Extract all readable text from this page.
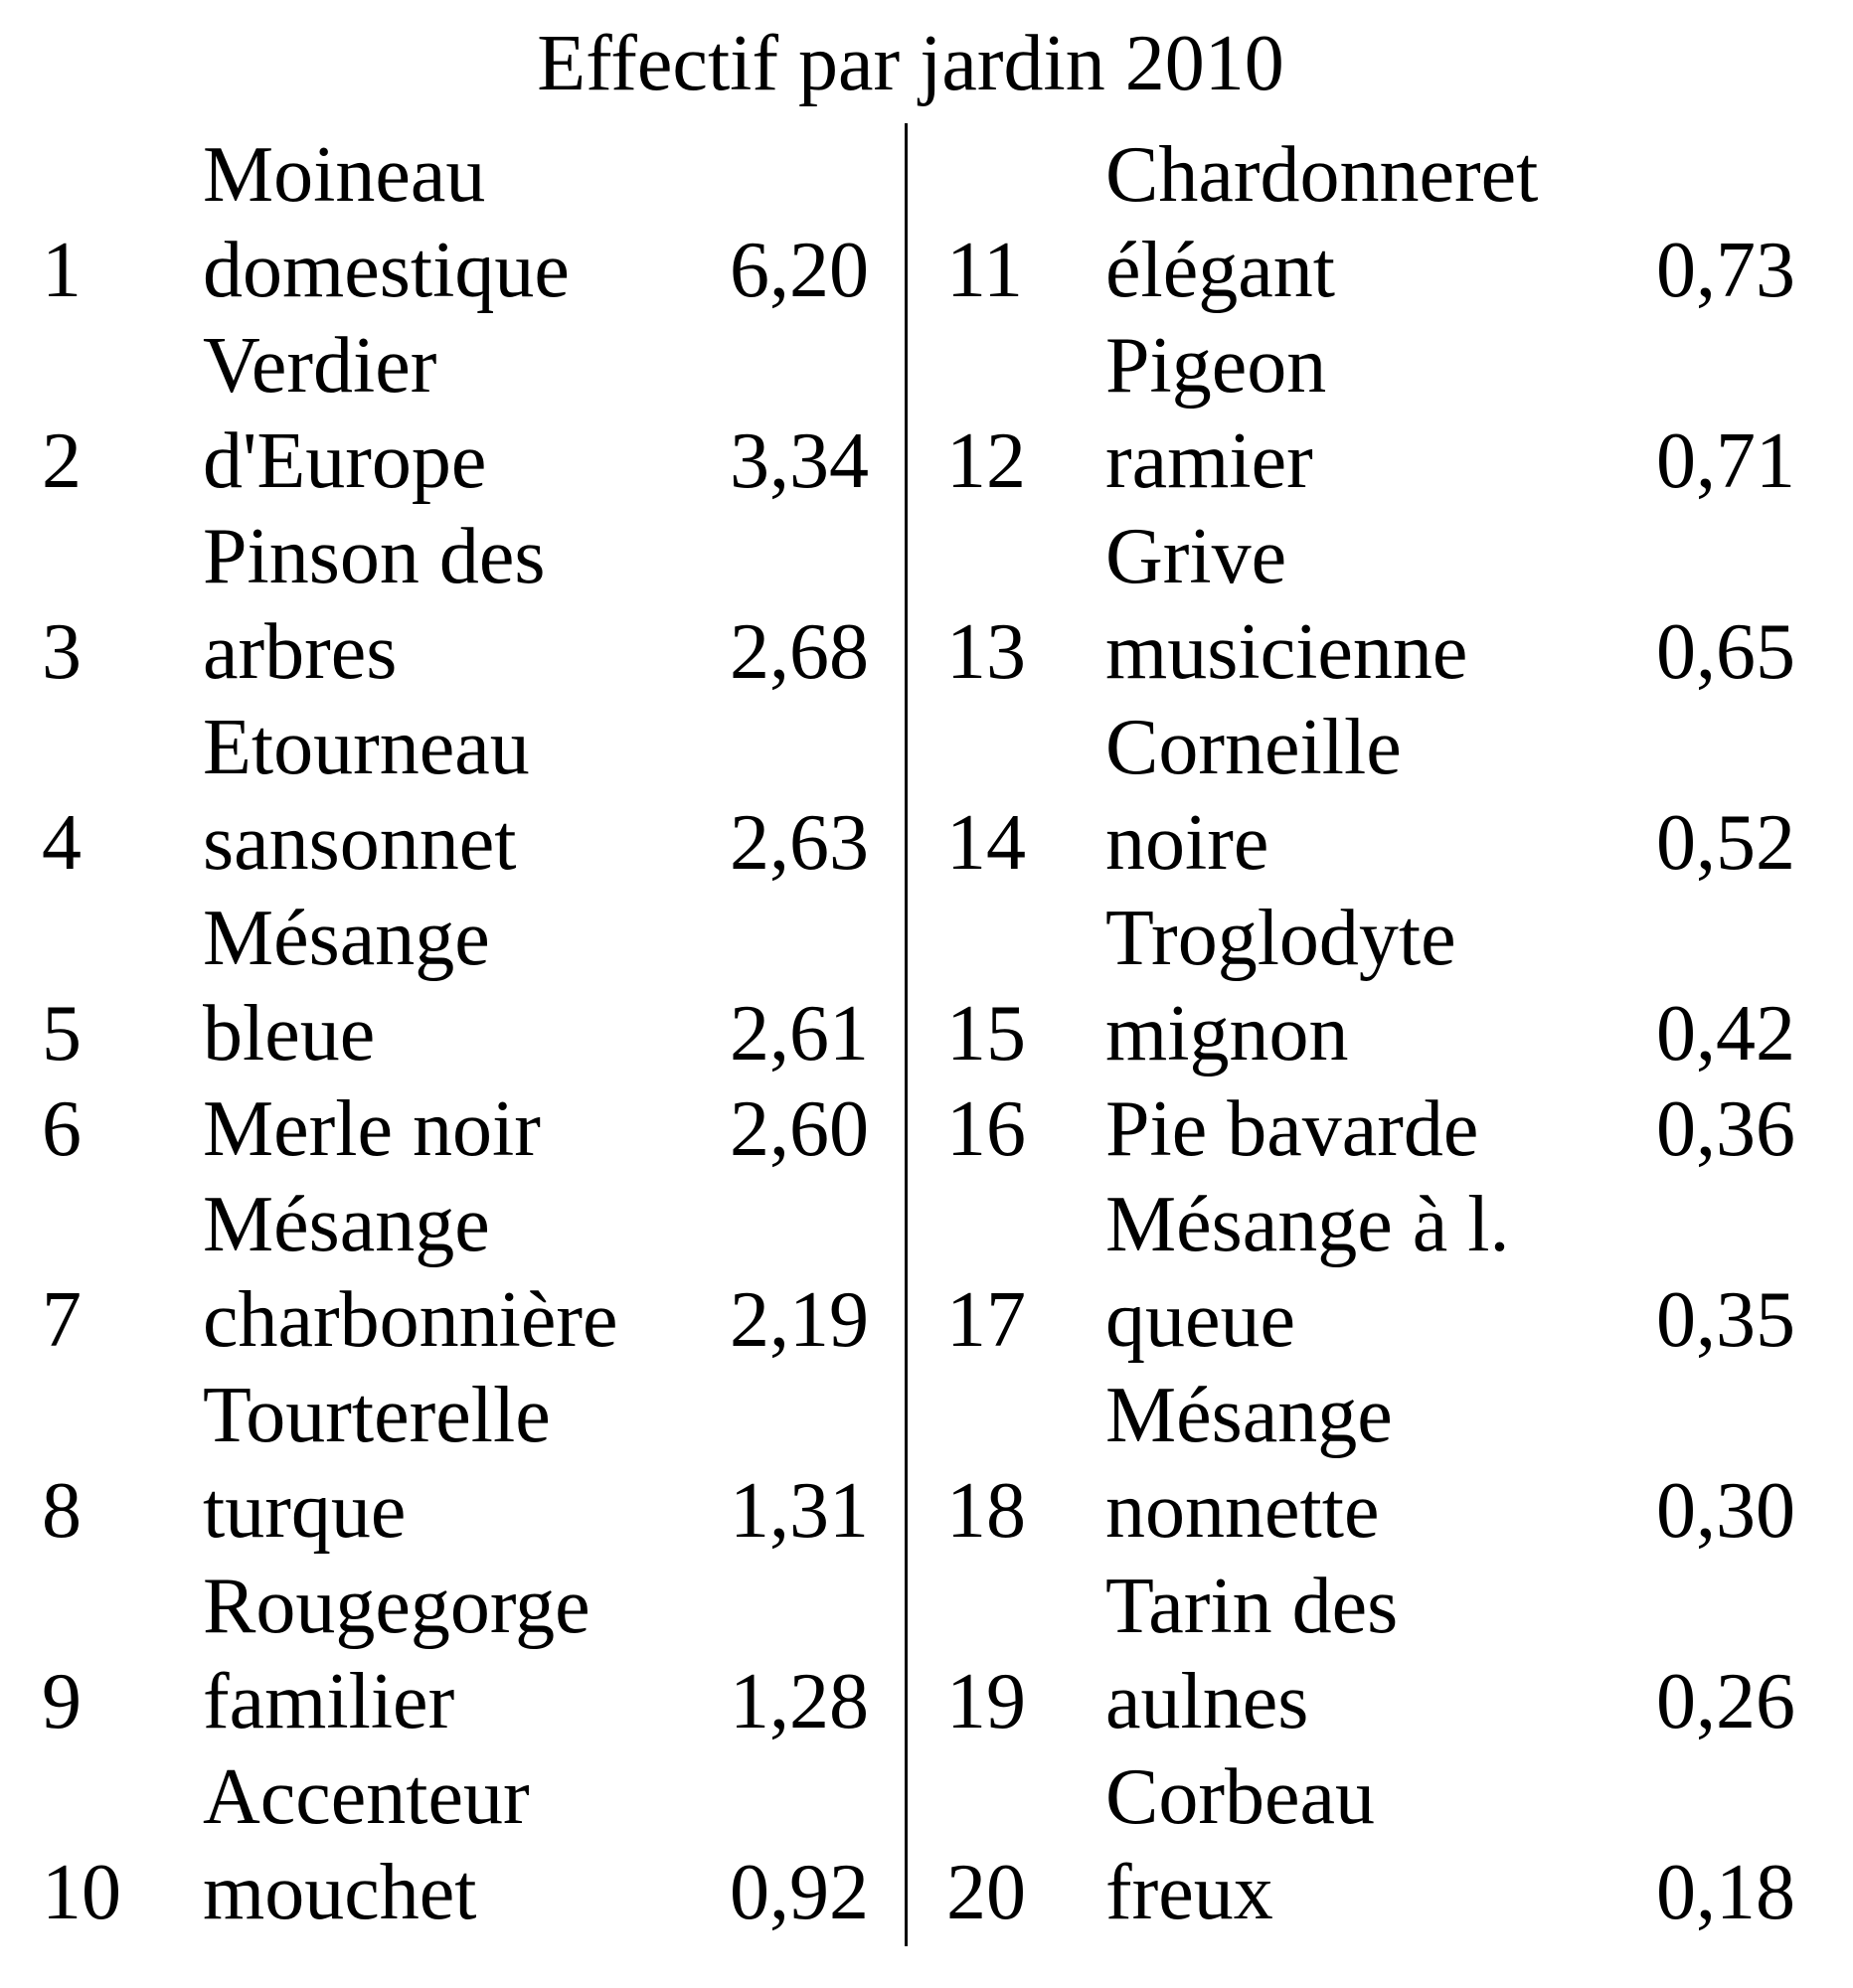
Effectif par jardin 2010
1
Moineau
domestique	6,20
2
Verdier
d'Europe	3,34
3
Pinson des
arbres	2,68
4
Etourneau
sansonnet	2,63
5
Mésange
bleue	2,61
6 Merle noir	2,60
7
Mésange
charbonnière	2,19
8
Tourterelle
turque	1,31
9
Rougegorge
familier	1,28
10
Accenteur
mouchet	0,92
11
Chardonneret
élégant	0,73
12
Pigeon
ramier	0,71
13
Grive
musicienne	0,65
14
Corneille
noire	0,52
15
Troglodyte
mignon	0,42
16 Pie bavarde	0,36
17
Mésange à l.
queue	0,35
18
Mésange
nonnette	0,30
19
Tarin des
aulnes	0,26
20
Corbeau
freux	0,18
